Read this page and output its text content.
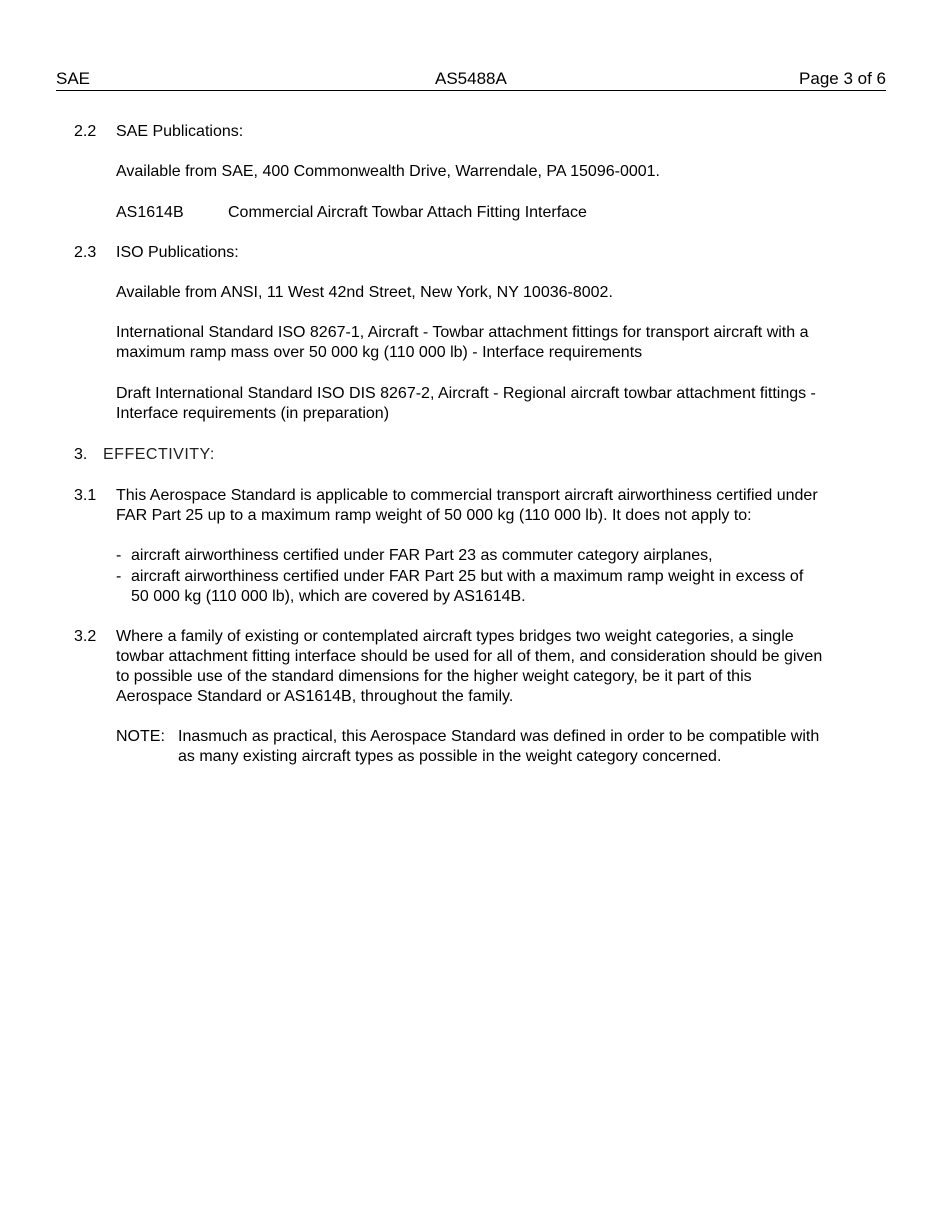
SAE	AS5488A	Page 3 of 6
2.2 SAE Publications:

Available from SAE, 400 Commonwealth Drive, Warrendale, PA 15096-0001.

AS1614B	Commercial Aircraft Towbar Attach Fitting Interface
2.3 ISO Publications:

Available from ANSI, 11 West 42nd Street, New York, NY 10036-8002.

International Standard ISO 8267-1, Aircraft - Towbar attachment fittings for transport aircraft with a

maximum ramp mass over 50 000 kg (110 000 lb) - Interface requirements

Draft International Standard ISO DIS 8267-2, Aircraft - Regional aircraft towbar attachment fittings -

Interface requirements (in preparation)

3. EFFECTIVITY:
3.1 This Aerospace Standard is applicable to commercial transport aircraft airworthiness certified under

FAR Part 25 up to a maximum ramp weight of 50 000 kg (110 000 lb). It does not apply to:

- aircraft airworthiness certified under FAR Part 23 as commuter category airplanes,

- aircraft airworthiness certified under FAR Part 25 but with a maximum ramp weight in excess of

50 000 kg (110 000 lb), which are covered by AS1614B.

3.2 Where a family of existing or contemplated aircraft types bridges two weight categories, a single

towbar attachment fitting interface should be used for all of them, and consideration should be given

to possible use of the standard dimensions for the higher weight category, be it part of this

Aerospace Standard or AS1614B, throughout the family.

NOTE: Inasmuch as practical, this Aerospace Standard was defined in order to be compatible with

as many existing aircraft types as possible in the weight category concerned.
